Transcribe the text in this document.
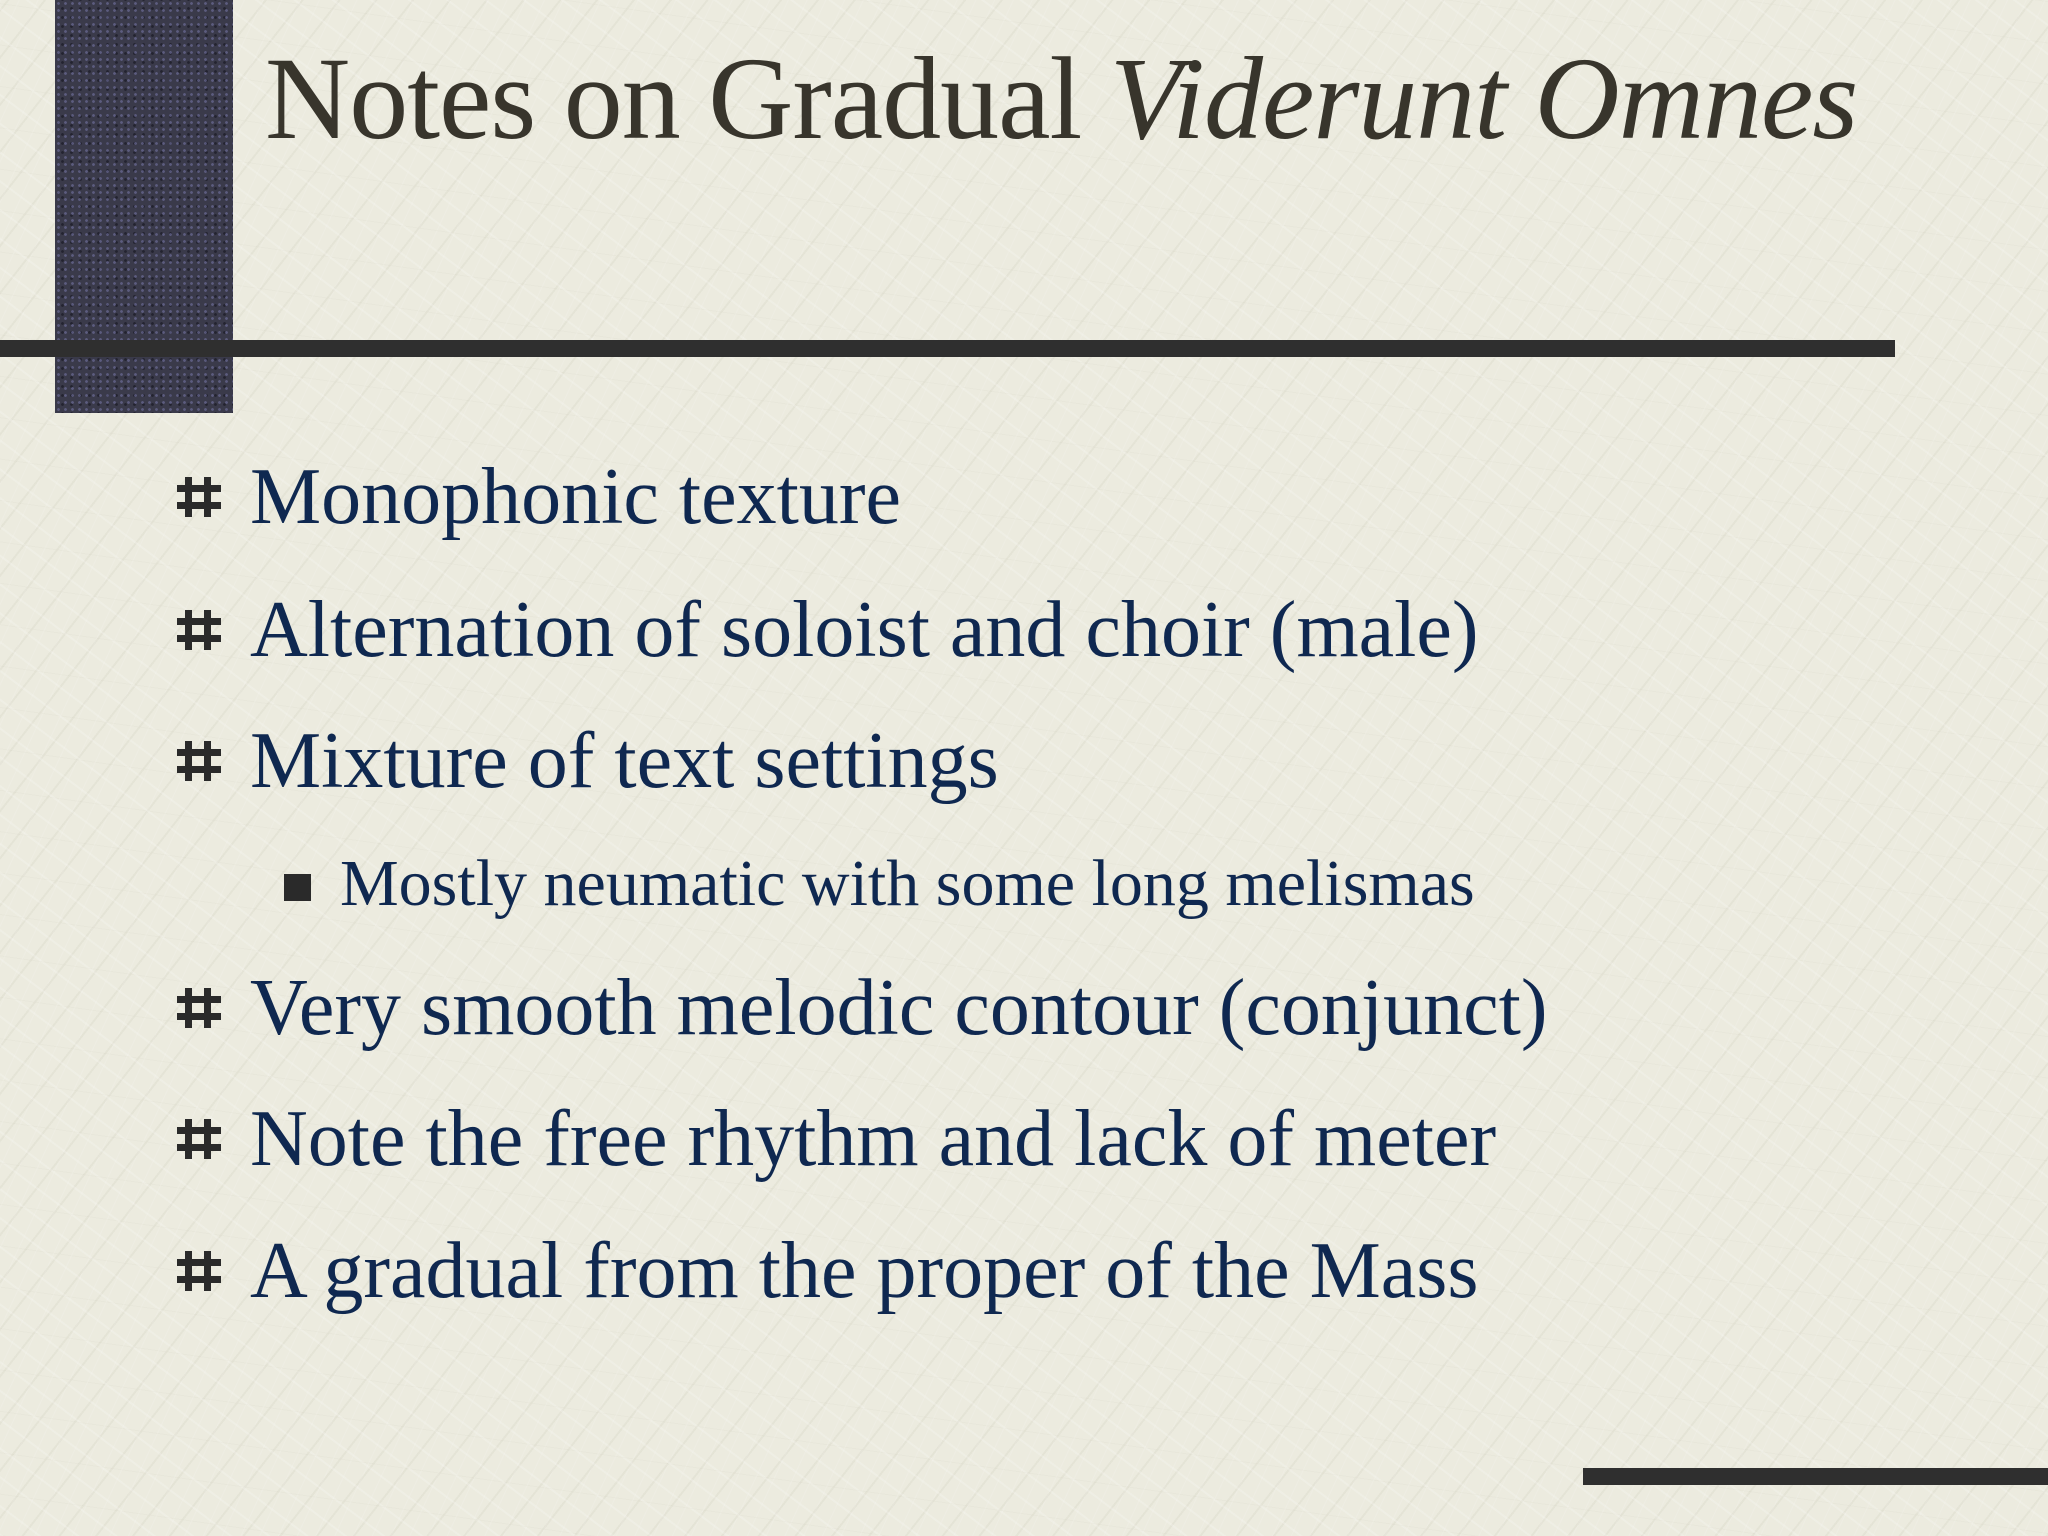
Notes on Gradual Viderunt Omnes
Monophonic texture
Alternation of soloist and choir (male)
Mixture of text settings
Mostly neumatic with some long melismas
Very smooth melodic contour (conjunct)
Note the free rhythm and lack of meter
A gradual from the proper of the Mass
